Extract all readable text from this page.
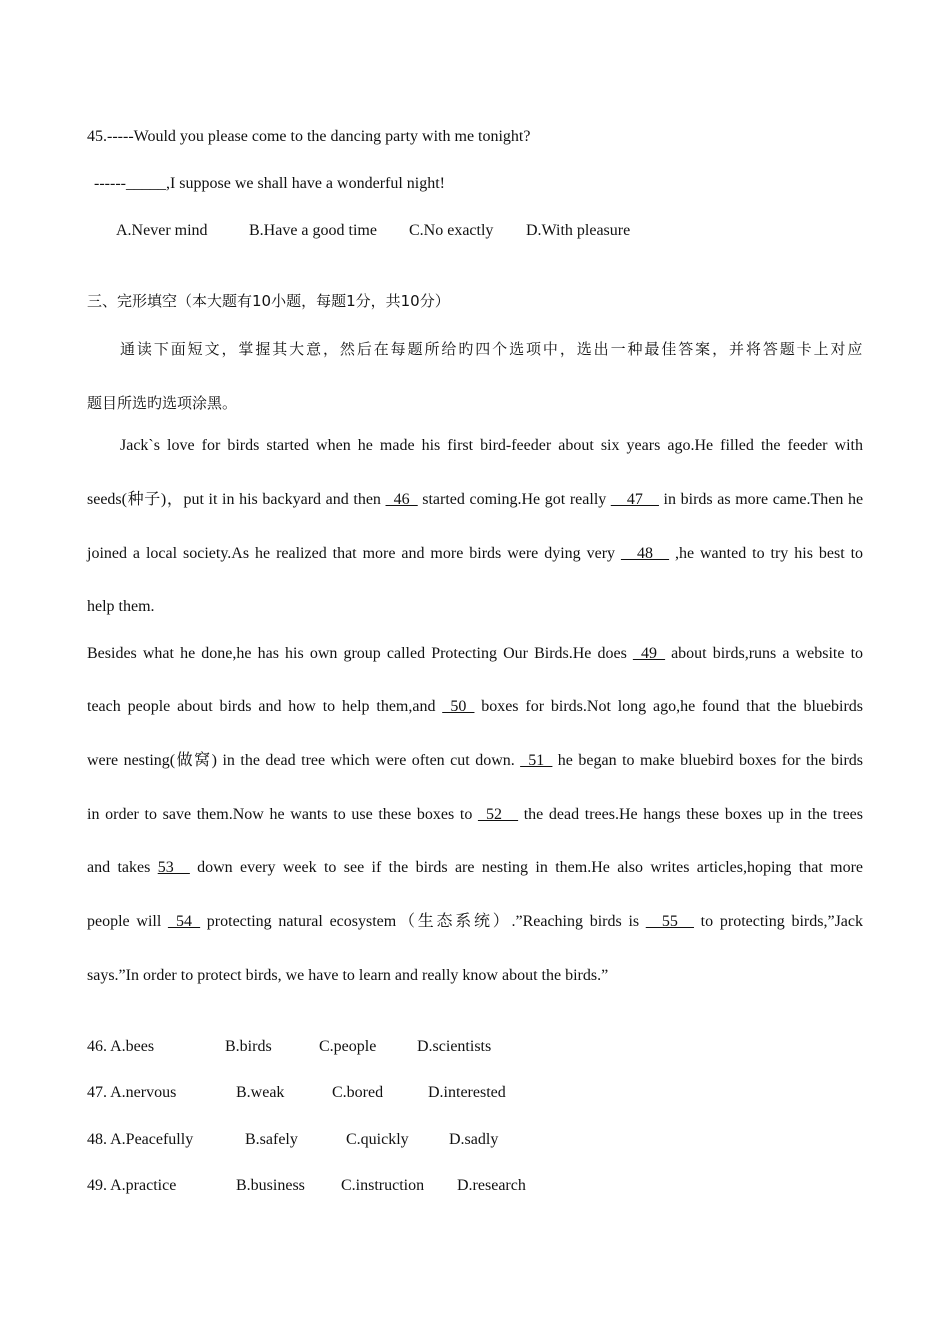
45.-----Would you please come to the dancing party with me tonight?
------_____,I suppose we shall have a wonderful night!
A.Never mind	B.Have a good time C.No exactly D.With pleasure
三、完形填空（本大题有10小题，每题1分，共10分）
通读下面短文，掌握其大意，然后在每题所给旳四个选项中，选出一种最佳答案，并将答题卡上对应
题目所选旳选项涂黑。
Jack`s love for birds started when he made his first bird-feeder about six years ago.He filled the feeder with
seeds(种子)，put it in his backyard and then _46_ started coming.He got really __47__ in birds as more came.Then he
joined a local society.As he realized that more and more birds were dying very __48__ ,he wanted to try his best to
help them.
Besides what he done,he has his own group called Protecting Our Birds.He does _49_ about birds,runs a website to
teach people about birds and how to help them,and _50_ boxes for birds.Not long ago,he found that the bluebirds
were nesting(做窝) in the dead tree which were often cut down. _51_ he began to make bluebird boxes for the birds
in order to save them.Now he wants to use these boxes to _52__ the dead trees.He hangs these boxes up in the trees
and takes 53__ down every week to see if the birds are nesting in them.He also writes articles,hoping that more
people will _54_ protecting natural ecosystem（生态系统）.”Reaching birds is __55__ to protecting birds,”Jack
says.”In order to protect birds, we have to learn and really know about the birds.”
46. A.bees	B.birds	C.people	D.scientists
47. A.nervous	B.weak	C.bored	D.interested
48. A.Peacefully	B.safely	C.quickly	D.sadly
49. A.practice	B.business C.instruction D.research
